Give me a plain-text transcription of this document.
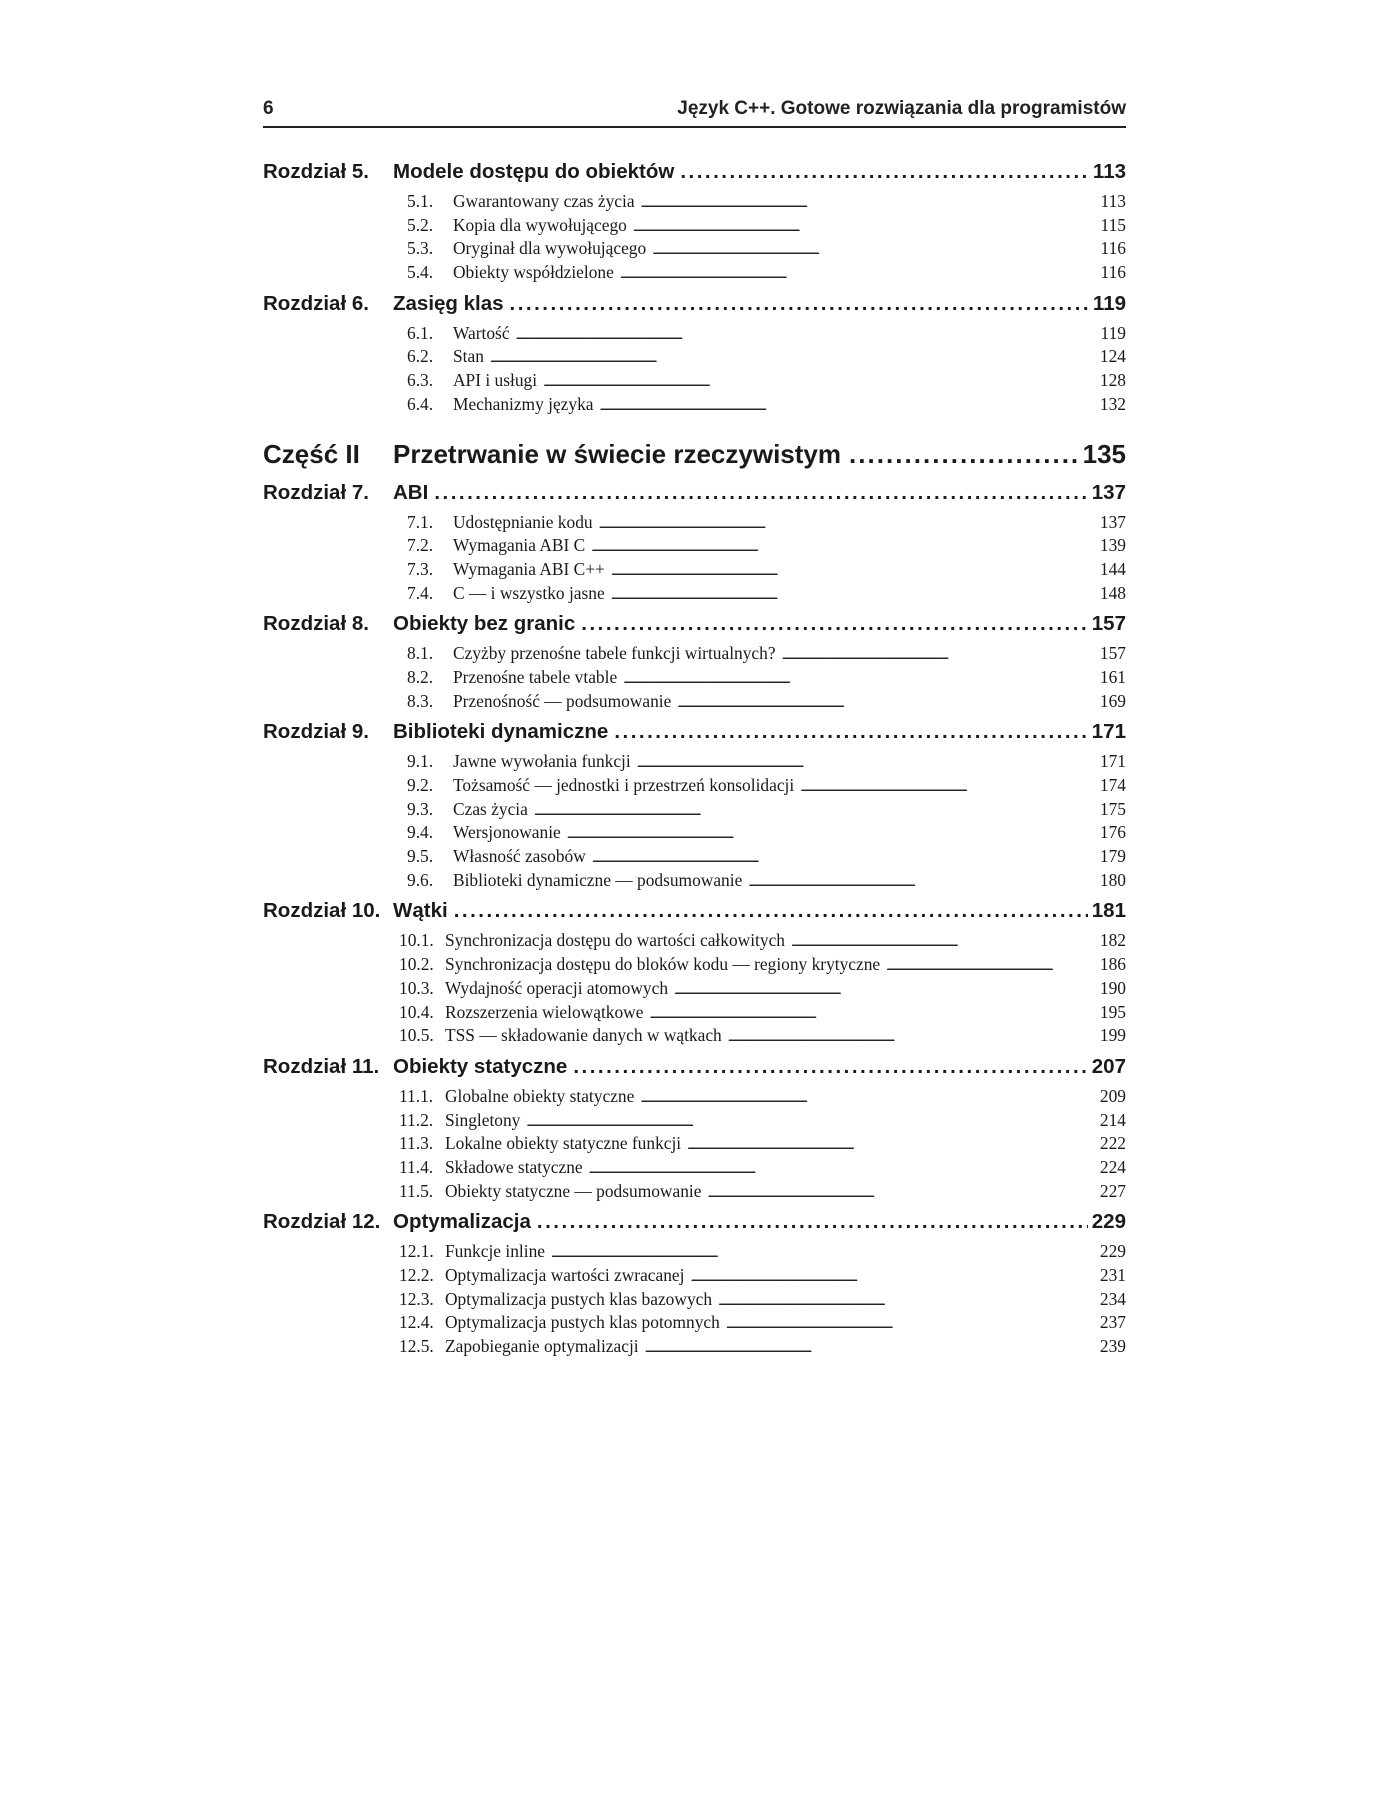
6	Język C++. Gotowe rozwiązania dla programistów
Rozdział 5.	Modele dostępu do obiektów . . .	113
5.1.	Gwarantowany czas życia . . .	113
5.2.	Kopia dla wywołującego . . .	115
5.3.	Oryginał dla wywołującego . . .	116
5.4.	Obiekty współdzielone . . .	116
Rozdział 6.	Zasięg klas . . .	119
6.1.	Wartość . . .	119
6.2.	Stan . . .	124
6.3.	API i usługi . . .	128
6.4.	Mechanizmy języka . . .	132
Część II	Przetrwanie w świecie rzeczywistym . . .	135
Rozdział 7.	ABI . . .	137
7.1.	Udostępnianie kodu . . .	137
7.2.	Wymagania ABI C . . .	139
7.3.	Wymagania ABI C++ . . .	144
7.4.	C — i wszystko jasne . . .	148
Rozdział 8.	Obiekty bez granic . . .	157
8.1.	Czyżby przenośne tabele funkcji wirtualnych? . . .	157
8.2.	Przenośne tabele vtable . . .	161
8.3.	Przenośność — podsumowanie . . .	169
Rozdział 9.	Biblioteki dynamiczne . . .	171
9.1.	Jawne wywołania funkcji . . .	171
9.2.	Tożsamość — jednostki i przestrzeń konsolidacji . . .	174
9.3.	Czas życia . . .	175
9.4.	Wersjonowanie . . .	176
9.5.	Własność zasobów . . .	179
9.6.	Biblioteki dynamiczne — podsumowanie . . .	180
Rozdział 10. Wątki . . .	181
10.1. Synchronizacja dostępu do wartości całkowitych . . .	182
10.2. Synchronizacja dostępu do bloków kodu — regiony krytyczne . . .	186
10.3. Wydajność operacji atomowych . . .	190
10.4. Rozszerzenia wielowątkowe . . .	195
10.5. TSS — składowanie danych w wątkach . . .	199
Rozdział 11. Obiekty statyczne . . .	207
11.1. Globalne obiekty statyczne . . .	209
11.2. Singletony . . .	214
11.3. Lokalne obiekty statyczne funkcji . . .	222
11.4. Składowe statyczne . . .	224
11.5. Obiekty statyczne — podsumowanie . . .	227
Rozdział 12. Optymalizacja . . .	229
12.1. Funkcje inline . . .	229
12.2. Optymalizacja wartości zwracanej . . .	231
12.3. Optymalizacja pustych klas bazowych . . .	234
12.4. Optymalizacja pustych klas potomnych . . .	237
12.5. Zapobieganie optymalizacji . . .	239
